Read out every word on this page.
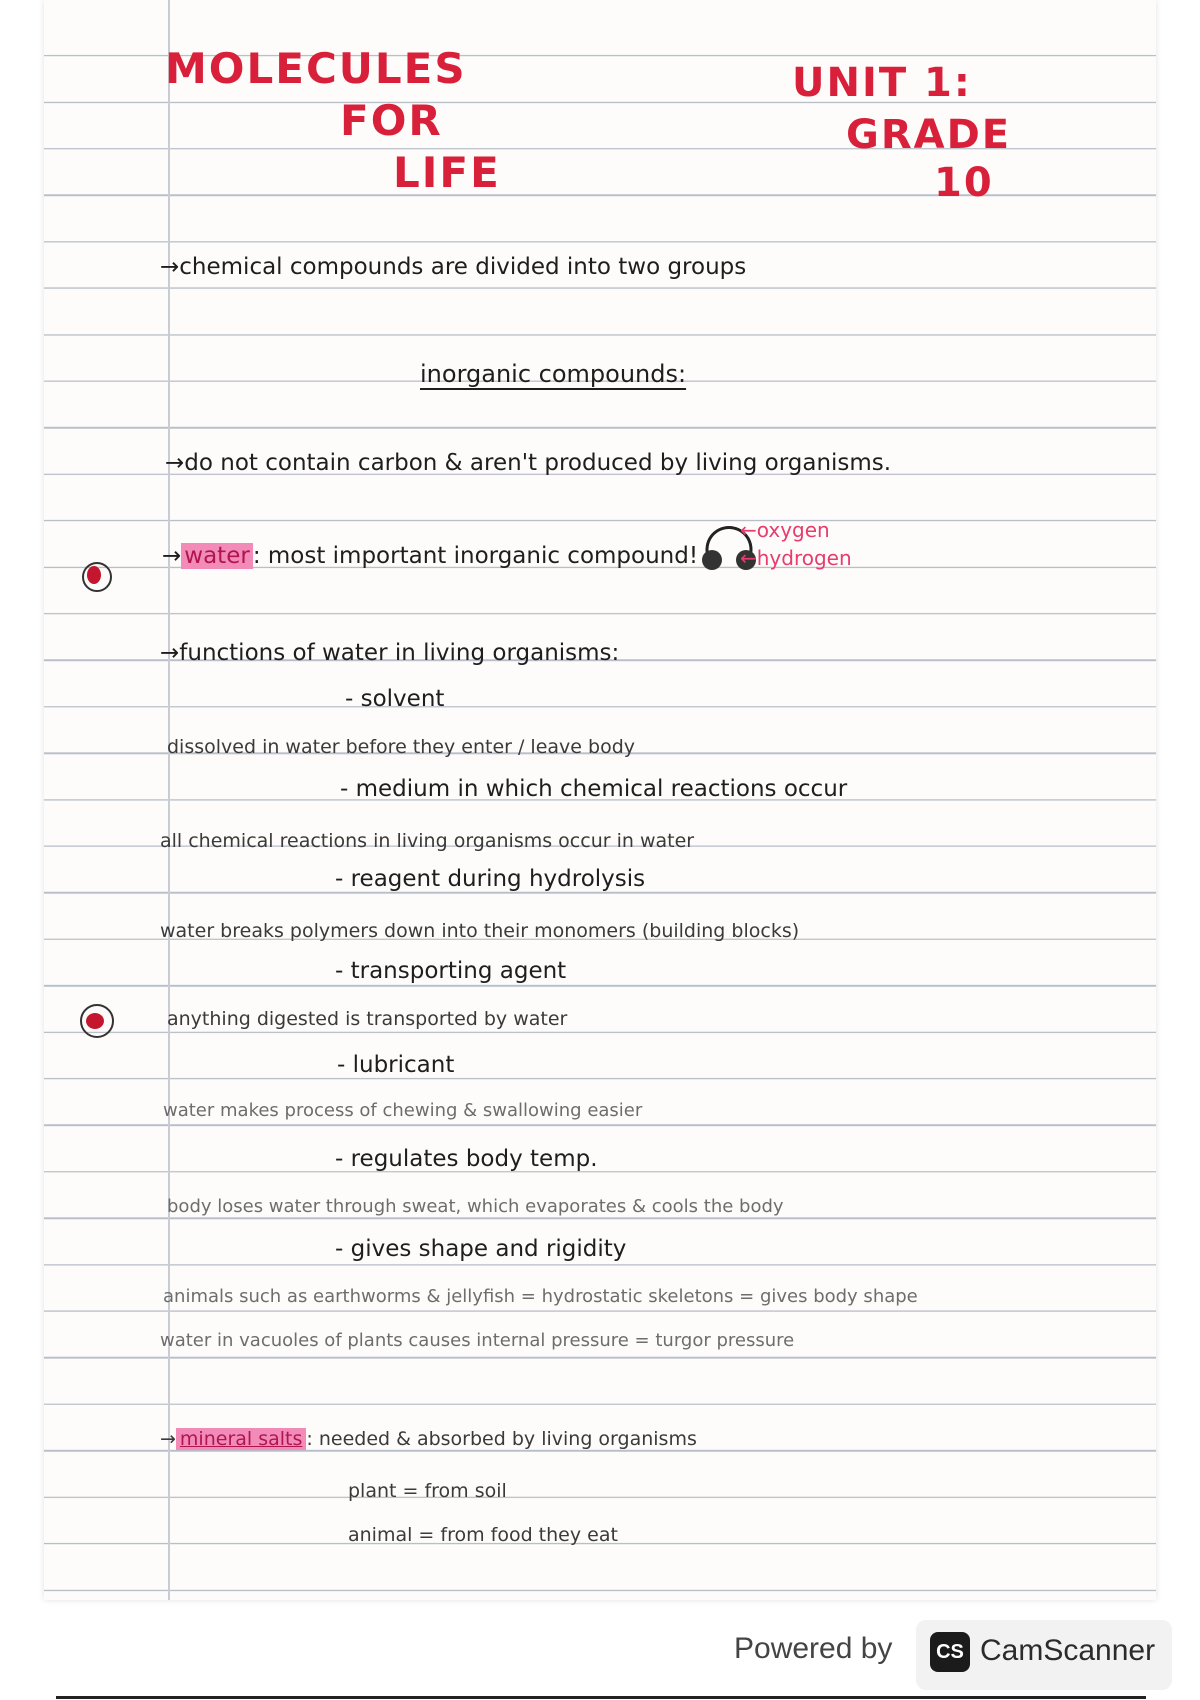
MOLECULES
FOR
LIFE
UNIT 1:
GRADE
10
→chemical compounds are divided into two groups
inorganic compounds:
→do not contain carbon & aren't produced by living organisms.
→ water : most important inorganic compound!
←oxygen
←hydrogen
→functions of water in living organisms:
- solvent
dissolved in water before they enter / leave body
- medium in which chemical reactions occur
all chemical reactions in living organisms occur in water
- reagent during hydrolysis
water breaks polymers down into their monomers (building blocks)
- transporting agent
anything digested is transported by water
- lubricant
water makes process of chewing & swallowing easier
- regulates body temp.
body loses water through sweat, which evaporates & cools the body
- gives shape and rigidity
animals such as earthworms & jellyfish = hydrostatic skeletons = gives body shape
water in vacuoles of plants causes internal pressure = turgor pressure
→ mineral salts : needed & absorbed by living organisms
plant = from soil
animal = from food they eat
Powered by	CS CamScanner
